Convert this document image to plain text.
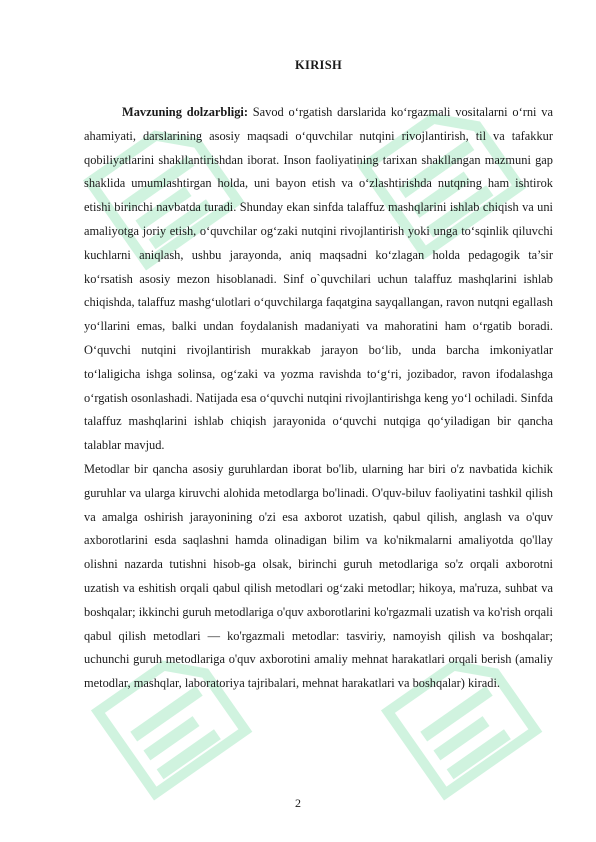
KIRISH

Mavzuning dolzarbligi: Savod o‘rgatish darslarida ko‘rgazmali vositalarni o‘rni va ahamiyati, darslarining asosiy maqsadi o‘quvchilar nutqini rivojlantirish, til va tafakkur qobiliyatlarini shakllantirishdan iborat. Inson faoliyatining tarixan shakllangan mazmuni gap shaklida umumlashtirgan holda, uni bayon etish va o‘zlashtirishda nutqning ham ishtirok etishi birinchi navbatda turadi. Shunday ekan sinfda talaffuz mashqlarini ishlab chiqish va uni amaliyotga joriy etish, o‘quvchilar og‘zaki nutqini rivojlantirish yoki unga to‘sqinlik qiluvchi kuchlarni aniqlash, ushbu jarayonda, aniq maqsadni ko‘zlagan holda pedagogik ta’sir ko‘rsatish asosiy mezon hisoblanadi. Sinf o`quvchilari uchun talaffuz mashqlarini ishlab chiqishda, talaffuz mashg‘ulotlari o‘quvchilarga faqatgina sayqallangan, ravon nutqni egallash yo‘llarini emas, balki undan foydalanish madaniyati va mahoratini ham o‘rgatib boradi. O‘quvchi nutqini rivojlantirish murakkab jarayon bo‘lib, unda barcha imkoniyatlar to‘laligicha ishga solinsa, og‘zaki va yozma ravishda to‘g‘ri, jozibador, ravon ifodalashga o‘rgatish osonlashadi. Natijada esa o‘quvchi nutqini rivojlantirishga keng yo‘l ochiladi. Sinfda talaffuz mashqlarini ishlab chiqish jarayonida o‘quvchi nutqiga qo‘yiladigan bir qancha talablar mavjud.

Metodlar bir qancha asosiy guruhlardan iborat bo'lib, ularning har biri o'z navbatida kichik guruhlar va ularga kiruvchi alohida metodlarga bo'linadi. O'quv-biluv faoliyatini tashkil qilish va amalga oshirish jarayonining o'zi esa axborot uzatish, qabul qilish, anglash va o'quv axborotlarini esda saqlashni hamda olinadigan bilim va ko'nikmalarni amaliyotda qo'llay olishni nazarda tutishni hisob-ga olsak, birinchi guruh metodlariga so'z orqali axborotni uzatish va eshitish orqali qabul qilish metodlari og‘zaki metodlar; hikoya, ma'ruza, suhbat va boshqalar; ikkinchi guruh metodlariga o'quv axborotlarini ko'rgazmali uzatish va ko'rish orqali qabul qilish metodlari — ko'rgazmali metodlar: tasviriy, namoyish qilish va boshqalar; uchunchi guruh metodlariga o'quv axborotini amaliy mehnat harakatlari orqali berish (amaliy metodlar, mashqlar, laboratoriya tajribalari, mehnat harakatlari va boshqalar) kiradi.

2
